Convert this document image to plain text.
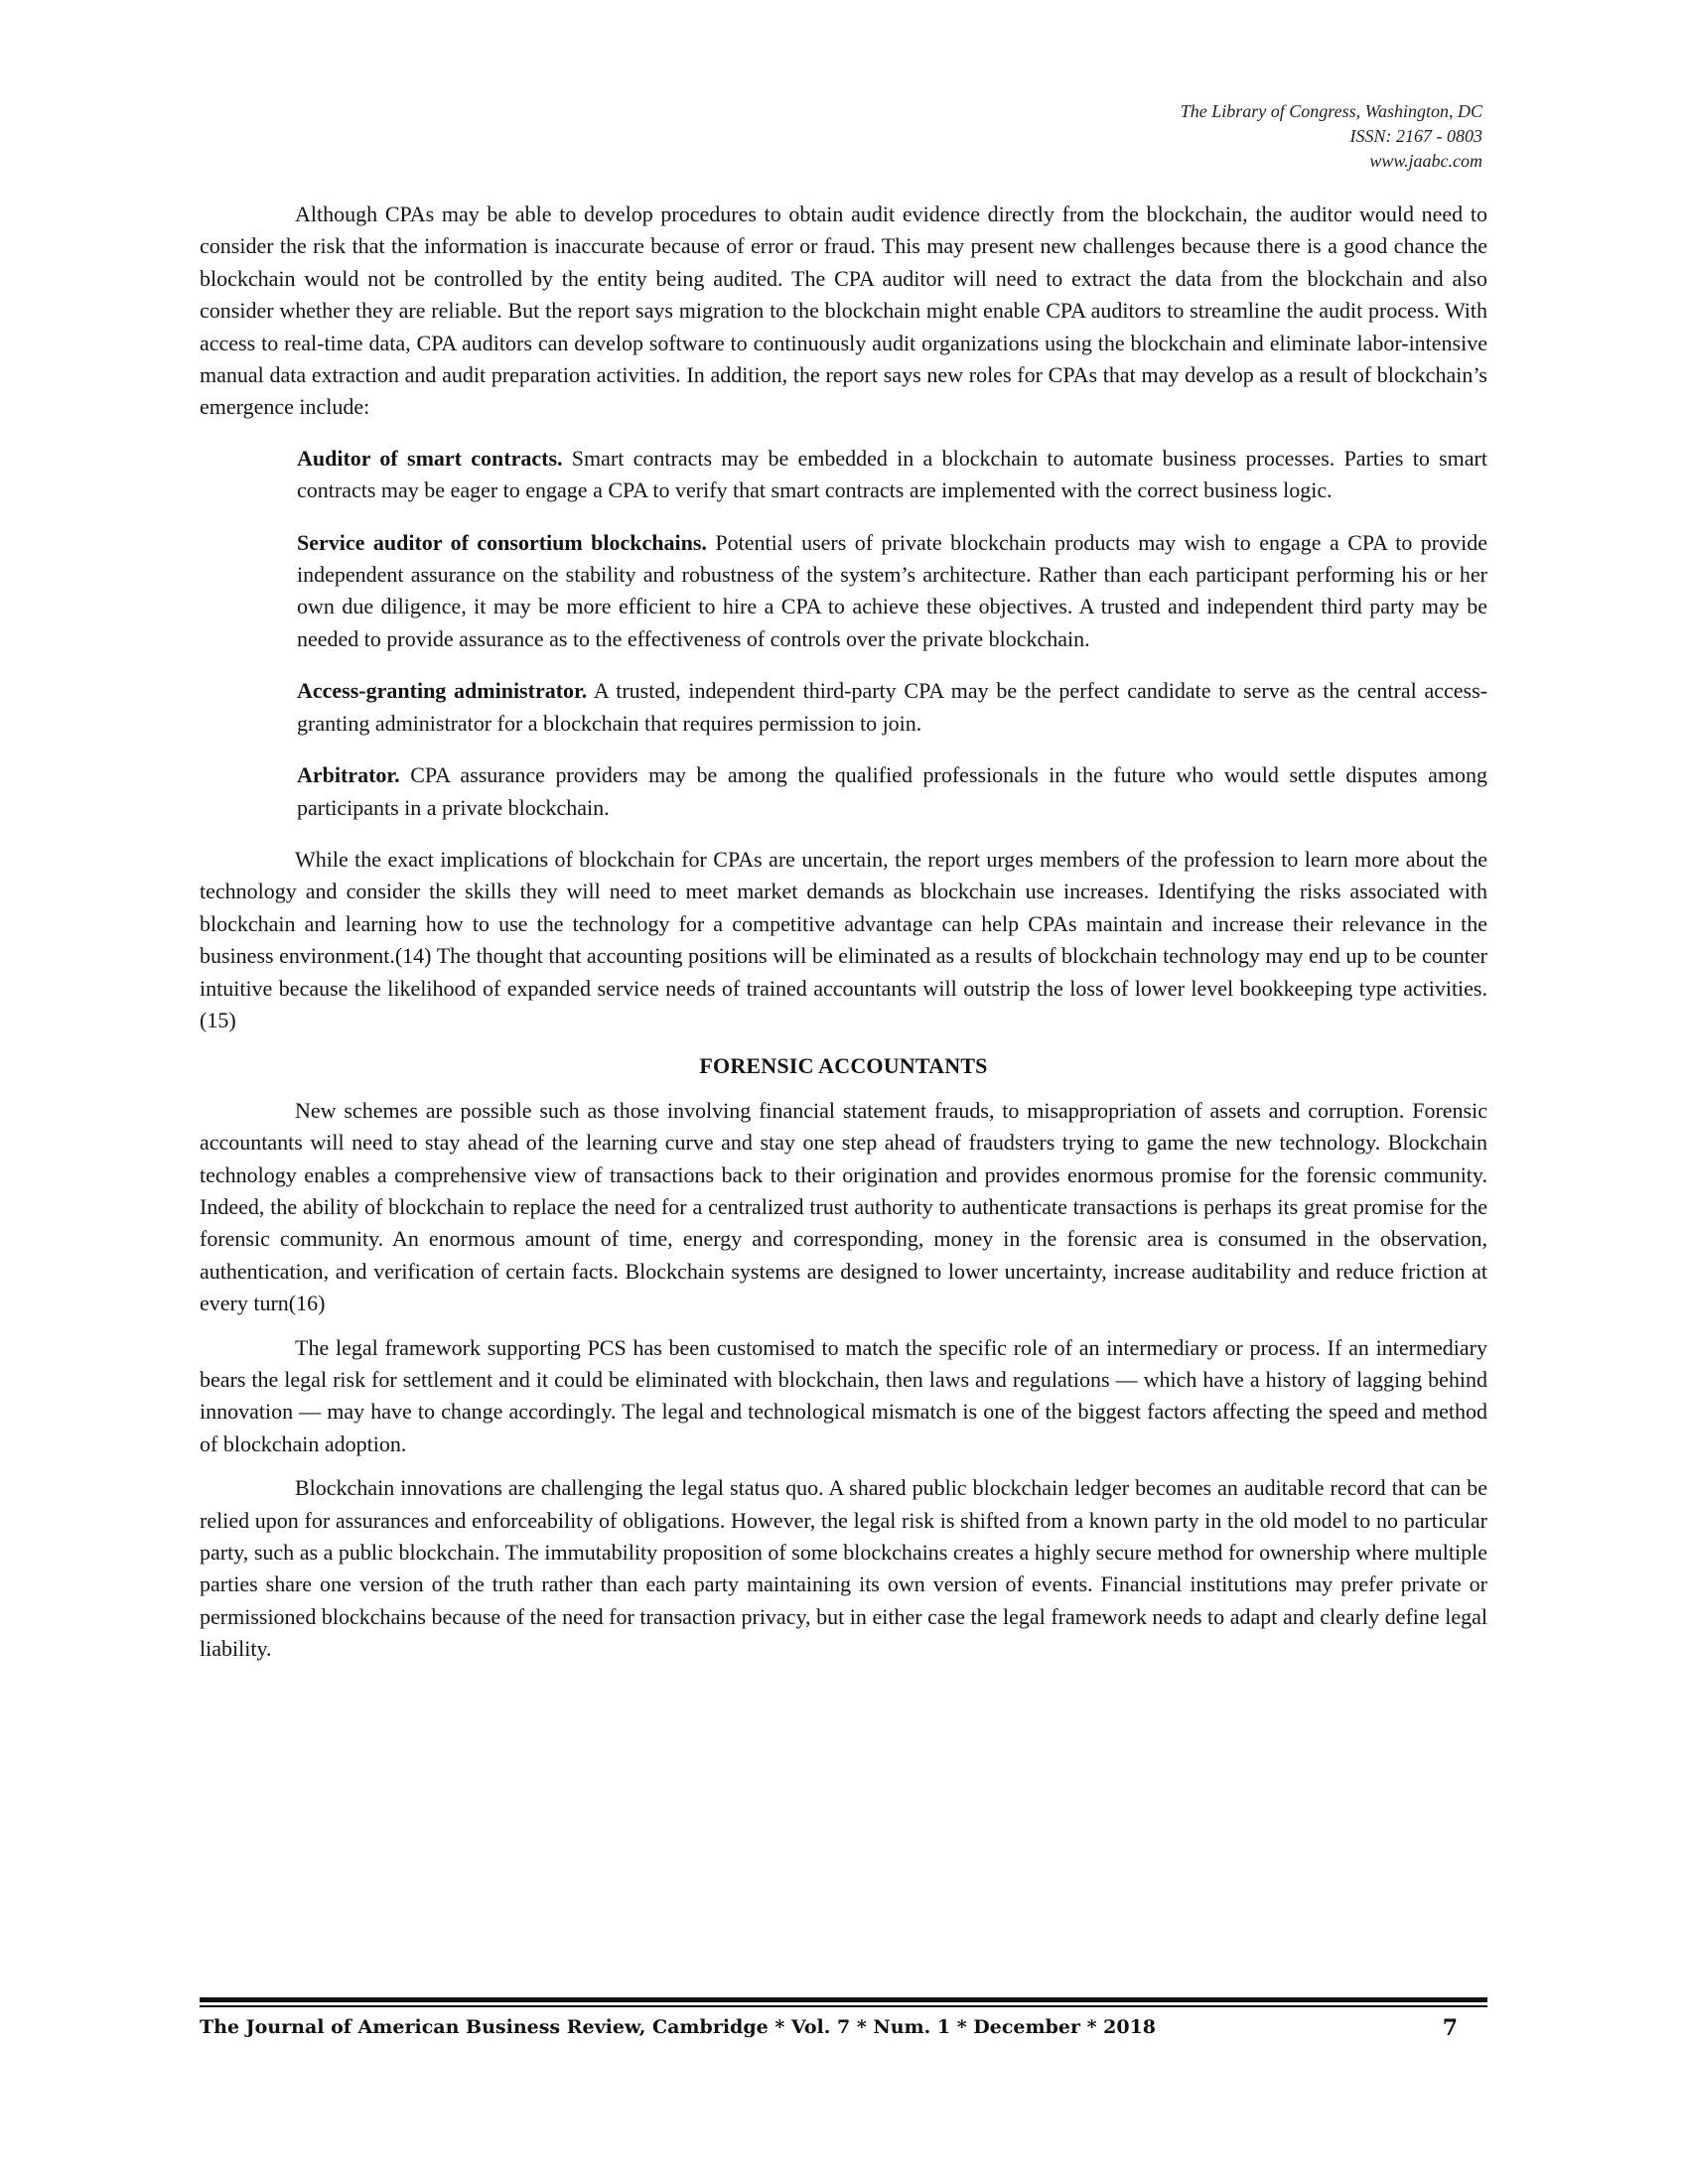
The Library of Congress, Washington, DC
ISSN: 2167 - 0803
www.jaabc.com

Although CPAs may be able to develop procedures to obtain audit evidence directly from the blockchain, the auditor would need to consider the risk that the information is inaccurate because of error or fraud. This may present new challenges because there is a good chance the blockchain would not be controlled by the entity being audited. The CPA auditor will need to extract the data from the blockchain and also consider whether they are reliable. But the report says migration to the blockchain might enable CPA auditors to streamline the audit process. With access to real-time data, CPA auditors can develop software to continuously audit organizations using the blockchain and eliminate labor-intensive manual data extraction and audit preparation activities. In addition, the report says new roles for CPAs that may develop as a result of blockchain’s emergence include:

Auditor of smart contracts. Smart contracts may be embedded in a blockchain to automate business processes. Parties to smart contracts may be eager to engage a CPA to verify that smart contracts are implemented with the correct business logic.

Service auditor of consortium blockchains. Potential users of private blockchain products may wish to engage a CPA to provide independent assurance on the stability and robustness of the system’s architecture. Rather than each participant performing his or her own due diligence, it may be more efficient to hire a CPA to achieve these objectives. A trusted and independent third party may be needed to provide assurance as to the effectiveness of controls over the private blockchain.

Access-granting administrator. A trusted, independent third-party CPA may be the perfect candidate to serve as the central access-granting administrator for a blockchain that requires permission to join.

Arbitrator. CPA assurance providers may be among the qualified professionals in the future who would settle disputes among participants in a private blockchain.

While the exact implications of blockchain for CPAs are uncertain, the report urges members of the profession to learn more about the technology and consider the skills they will need to meet market demands as blockchain use increases. Identifying the risks associated with blockchain and learning how to use the technology for a competitive advantage can help CPAs maintain and increase their relevance in the business environment.(14) The thought that accounting positions will be eliminated as a results of blockchain technology may end up to be counter intuitive because the likelihood of expanded service needs of trained accountants will outstrip the loss of lower level bookkeeping type activities. (15)

FORENSIC ACCOUNTANTS

New schemes are possible such as those involving financial statement frauds, to misappropriation of assets and corruption. Forensic accountants will need to stay ahead of the learning curve and stay one step ahead of fraudsters trying to game the new technology. Blockchain technology enables a comprehensive view of transactions back to their origination and provides enormous promise for the forensic community. Indeed, the ability of blockchain to replace the need for a centralized trust authority to authenticate transactions is perhaps its great promise for the forensic community. An enormous amount of time, energy and corresponding, money in the forensic area is consumed in the observation, authentication, and verification of certain facts. Blockchain systems are designed to lower uncertainty, increase auditability and reduce friction at every turn(16)

The legal framework supporting PCS has been customised to match the specific role of an intermediary or process. If an intermediary bears the legal risk for settlement and it could be eliminated with blockchain, then laws and regulations — which have a history of lagging behind innovation — may have to change accordingly. The legal and technological mismatch is one of the biggest factors affecting the speed and method of blockchain adoption.

Blockchain innovations are challenging the legal status quo. A shared public blockchain ledger becomes an auditable record that can be relied upon for assurances and enforceability of obligations. However, the legal risk is shifted from a known party in the old model to no particular party, such as a public blockchain. The immutability proposition of some blockchains creates a highly secure method for ownership where multiple parties share one version of the truth rather than each party maintaining its own version of events. Financial institutions may prefer private or permissioned blockchains because of the need for transaction privacy, but in either case the legal framework needs to adapt and clearly define legal liability.

The Journal of American Business Review, Cambridge * Vol. 7 * Num. 1 * December * 2018	7
